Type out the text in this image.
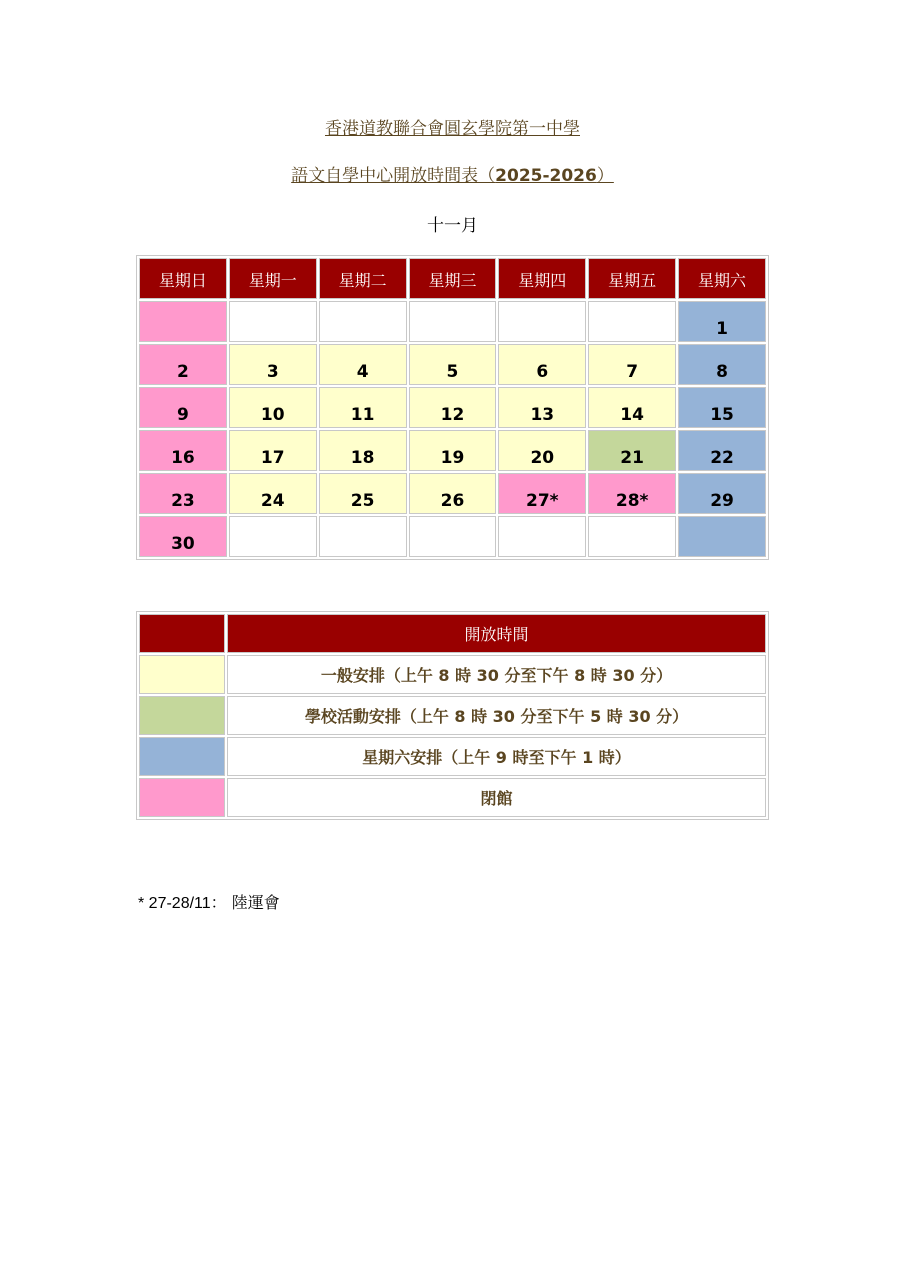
香港道教聯合會圓玄學院第一中學
語文自學中心開放時間表（2025-2026）
十一月
星期日	星期一	星期二	星期三	星期四	星期五	星期六
						1
2	3	4	5	6	7	8
9	10	11	12	13	14	15
16	17	18	19	20	21	22
23	24	25	26	27*	28*	29
30						
	開放時間
	一般安排（上午 8 時 30 分至下午 8 時 30 分）
	學校活動安排（上午 8 時 30 分至下午 5 時 30 分）
	星期六安排（上午 9 時至下午 1 時）
	閉館
* 27-28/11： 陸運會
